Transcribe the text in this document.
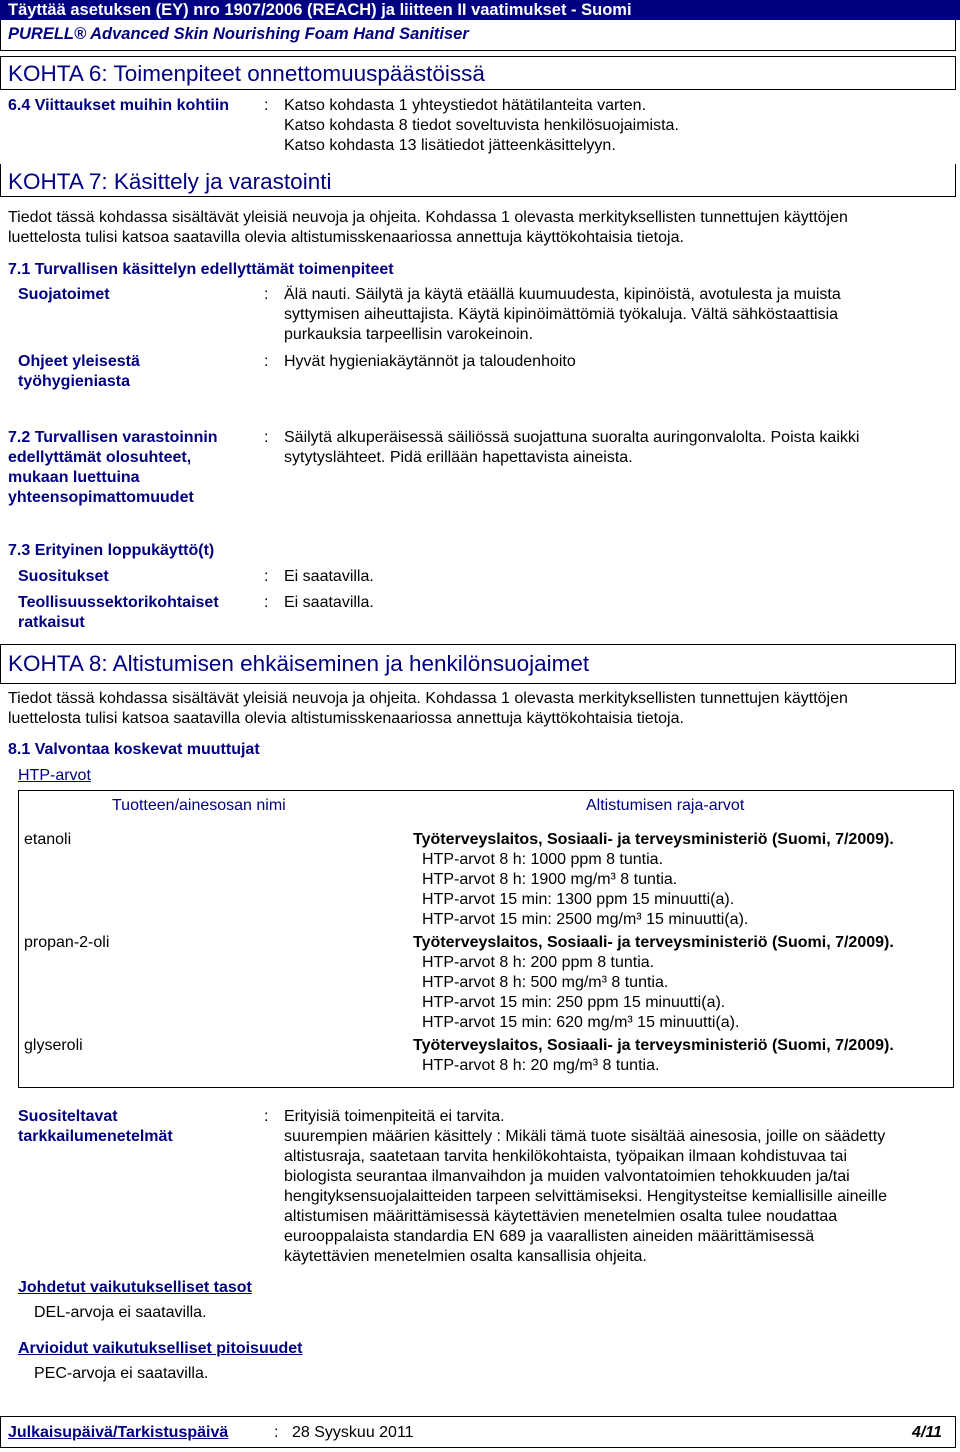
Täyttää asetuksen (EY) nro 1907/2006 (REACH) ja liitteen II vaatimukset - Suomi
PURELL® Advanced Skin Nourishing Foam Hand Sanitiser
KOHTA 6: Toimenpiteet onnettomuuspäästöissä
6.4 Viittaukset muihin kohtiin : Katso kohdasta 1 yhteystiedot hätätilanteita varten.
Katso kohdasta 8 tiedot soveltuvista henkilösuojaimista.
Katso kohdasta 13 lisätiedot jätteenkäsittelyyn.
KOHTA 7: Käsittely ja varastointi
Tiedot tässä kohdassa sisältävät yleisiä neuvoja ja ohjeita. Kohdassa 1 olevasta merkityksellisten tunnettujen käyttöjen
luettelosta tulisi katsoa saatavilla olevia altistumisskenaariossa annettuja käyttökohtaisia tietoja.
7.1 Turvallisen käsittelyn edellyttämät toimenpiteet
Suojatoimet	: Älä nauti. Säilytä ja käytä etäällä kuumuudesta, kipinöistä, avotulesta ja muista
syttymisen aiheuttajista. Käytä kipinöimättömiä työkaluja. Vältä sähköstaattisia
purkauksia tarpeellisin varokeinoin.
Ohjeet yleisestä
työhygieniasta
: Hyvät hygieniakäytännöt ja taloudenhoito
7.2 Turvallisen varastoinnin
edellyttämät olosuhteet,
mukaan luettuina
yhteensopimattomuudet
: Säilytä alkuperäisessä säiliössä suojattuna suoralta auringonvalolta. Poista kaikki
sytytyslähteet. Pidä erillään hapettavista aineista.
7.3 Erityinen loppukäyttö(t)
Suositukset	: Ei saatavilla.
Teollisuussektorikohtaiset
ratkaisut
: Ei saatavilla.
KOHTA 8: Altistumisen ehkäiseminen ja henkilönsuojaimet
Tiedot tässä kohdassa sisältävät yleisiä neuvoja ja ohjeita. Kohdassa 1 olevasta merkityksellisten tunnettujen käyttöjen
luettelosta tulisi katsoa saatavilla olevia altistumisskenaariossa annettuja käyttökohtaisia tietoja.
8.1 Valvontaa koskevat muuttujat
HTP-arvot
Tuotteen/ainesosan nimi	Altistumisen raja-arvot
etanoli	Työterveyslaitos, Sosiaali- ja terveysministeriö (Suomi, 7/2009).
HTP-arvot 8 h: 1000 ppm 8 tuntia.
HTP-arvot 8 h: 1900 mg/m³ 8 tuntia.
HTP-arvot 15 min: 1300 ppm 15 minuutti(a).
HTP-arvot 15 min: 2500 mg/m³ 15 minuutti(a).
propan-2-oli	Työterveyslaitos, Sosiaali- ja terveysministeriö (Suomi, 7/2009).
HTP-arvot 8 h: 200 ppm 8 tuntia.
HTP-arvot 8 h: 500 mg/m³ 8 tuntia.
HTP-arvot 15 min: 250 ppm 15 minuutti(a).
HTP-arvot 15 min: 620 mg/m³ 15 minuutti(a).
glyseroli	Työterveyslaitos, Sosiaali- ja terveysministeriö (Suomi, 7/2009).
HTP-arvot 8 h: 20 mg/m³ 8 tuntia.
Suositeltavat
tarkkailumenetelmät
: Erityisiä toimenpiteitä ei tarvita.
suurempien määrien käsittely : Mikäli tämä tuote sisältää ainesosia, joille on säädetty
altistusraja, saatetaan tarvita henkilökohtaista, työpaikan ilmaan kohdistuvaa tai
biologista seurantaa ilmanvaihdon ja muiden valvontatoimien tehokkuuden ja/tai
hengityksensuojalaitteiden tarpeen selvittämiseksi. Hengitysteitse kemiallisille aineille
altistumisen määrittämisessä käytettävien menetelmien osalta tulee noudattaa
eurooppalaista standardia EN 689 ja vaarallisten aineiden määrittämisessä
käytettävien menetelmien osalta kansallisia ohjeita.
Johdetut vaikutukselliset tasot
DEL-arvoja ei saatavilla.
Arvioidut vaikutukselliset pitoisuudet
PEC-arvoja ei saatavilla.
Julkaisupäivä/Tarkistuspäivä	: 28 Syyskuu 2011	4/11
